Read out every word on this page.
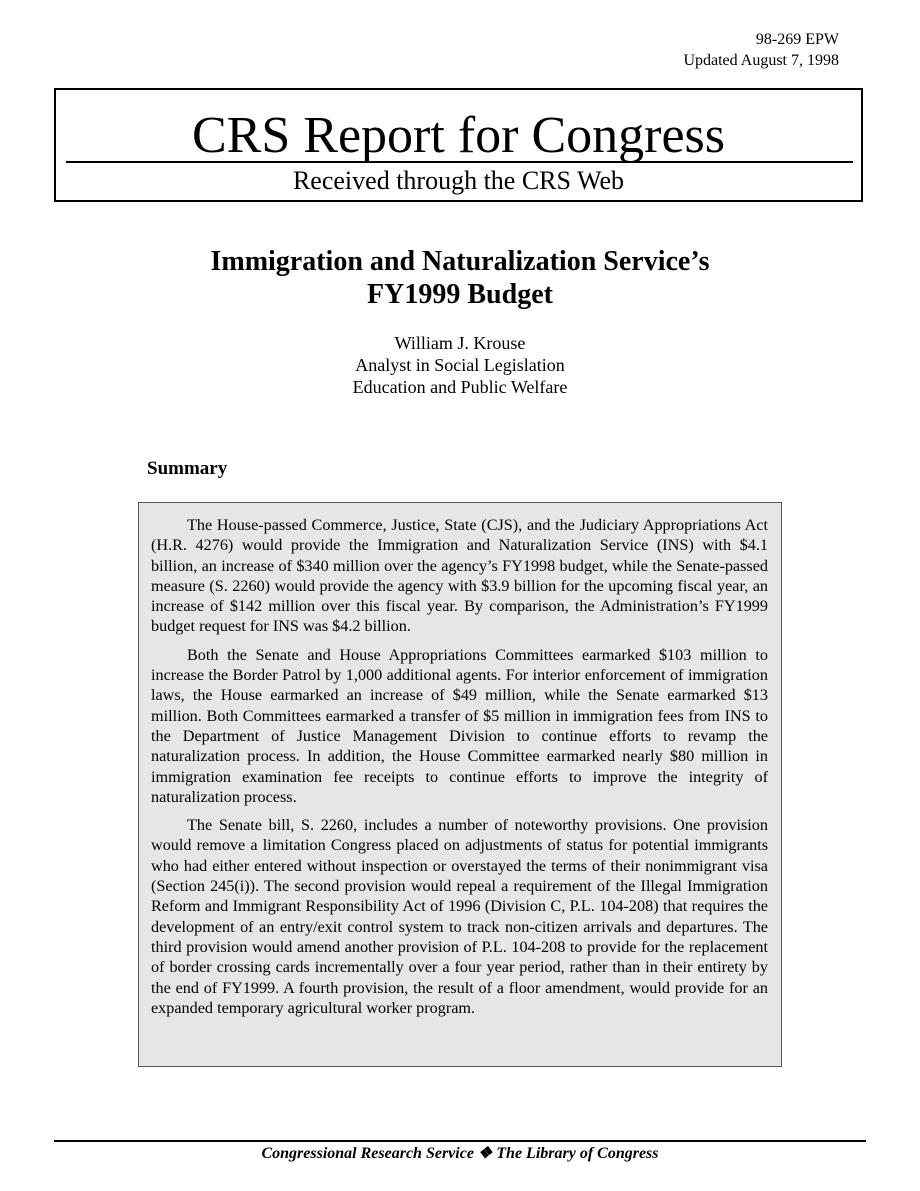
98-269 EPW
Updated August 7, 1998
CRS Report for Congress
Received through the CRS Web
Immigration and Naturalization Service’s
FY1999 Budget
William J. Krouse
Analyst in Social Legislation
Education and Public Welfare
Summary

The House-passed Commerce, Justice, State (CJS), and the Judiciary Appropriations Act (H.R. 4276) would provide the Immigration and Naturalization Service (INS) with $4.1 billion, an increase of $340 million over the agency’s FY1998 budget, while the Senate-passed measure (S. 2260) would provide the agency with $3.9 billion for the upcoming fiscal year, an increase of $142 million over this fiscal year. By comparison, the Administration’s FY1999 budget request for INS was $4.2 billion.

Both the Senate and House Appropriations Committees earmarked $103 million to increase the Border Patrol by 1,000 additional agents. For interior enforcement of immigration laws, the House earmarked an increase of $49 million, while the Senate earmarked $13 million. Both Committees earmarked a transfer of $5 million in immigration fees from INS to the Department of Justice Management Division to continue efforts to revamp the naturalization process. In addition, the House Committee earmarked nearly $80 million in immigration examination fee receipts to continue efforts to improve the integrity of naturalization process.

The Senate bill, S. 2260, includes a number of noteworthy provisions. One provision would remove a limitation Congress placed on adjustments of status for potential immigrants who had either entered without inspection or overstayed the terms of their nonimmigrant visa (Section 245(i)). The second provision would repeal a requirement of the Illegal Immigration Reform and Immigrant Responsibility Act of 1996 (Division C, P.L. 104-208) that requires the development of an entry/exit control system to track non-citizen arrivals and departures. The third provision would amend another provision of P.L. 104-208 to provide for the replacement of border crossing cards incrementally over a four year period, rather than in their entirety by the end of FY1999. A fourth provision, the result of a floor amendment, would provide for an expanded temporary agricultural worker program.

Congressional Research Service ❖ The Library of Congress
